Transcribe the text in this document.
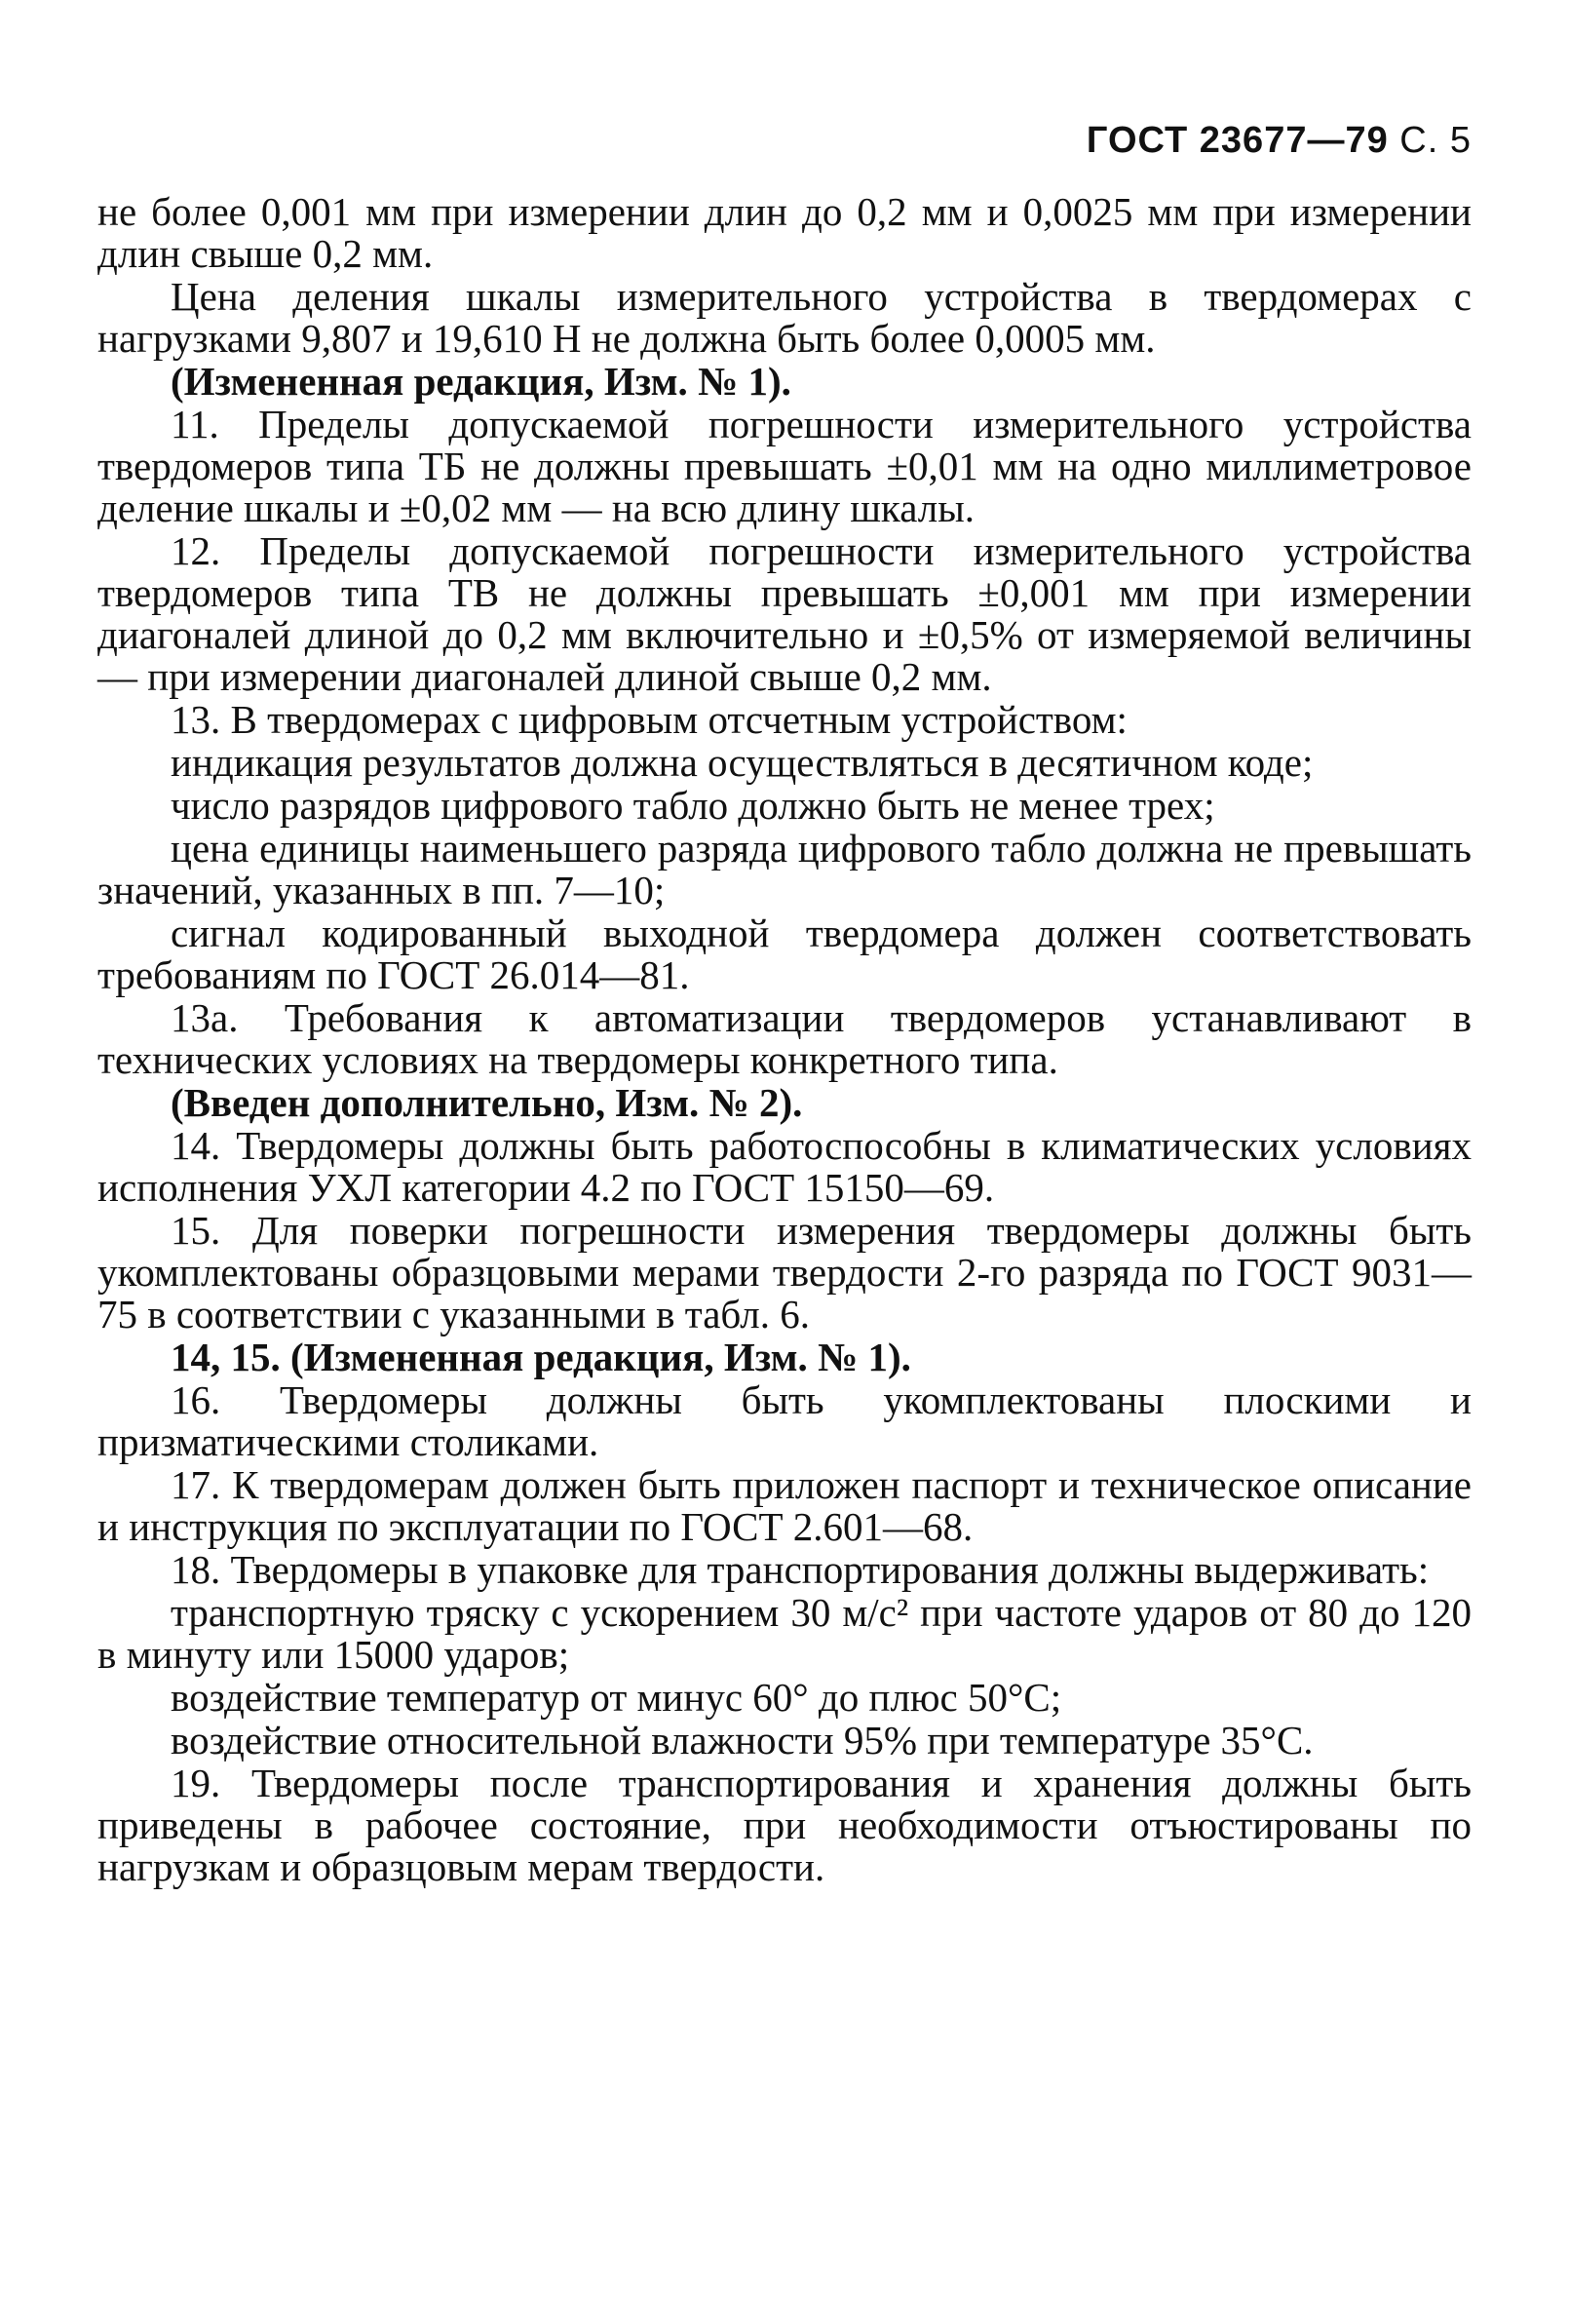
ГОСТ 23677—79 С. 5

не более 0,001 мм при измерении длин до 0,2 мм и 0,0025 мм при измерении длин свыше 0,2 мм.

Цена деления шкалы измерительного устройства в твердомерах с нагрузками 9,807 и 19,610 Н не должна быть более 0,0005 мм.

(Измененная редакция, Изм. № 1).

11. Пределы допускаемой погрешности измерительного устройства твердомеров типа ТБ не должны превышать ±0,01 мм на одно миллиметровое деление шкалы и ±0,02 мм — на всю длину шкалы.

12. Пределы допускаемой погрешности измерительного устройства твердомеров типа ТВ не должны превышать ±0,001 мм при измерении диагоналей длиной до 0,2 мм включительно и ±0,5% от измеряемой величины — при измерении диагоналей длиной свыше 0,2 мм.

13. В твердомерах с цифровым отсчетным устройством:

индикация результатов должна осуществляться в десятичном коде;

число разрядов цифрового табло должно быть не менее трех;

цена единицы наименьшего разряда цифрового табло должна не превышать значений, указанных в пп. 7—10;

сигнал кодированный выходной твердомера должен соответствовать требованиям по ГОСТ 26.014—81.

13а. Требования к автоматизации твердомеров устанавливают в технических условиях на твердомеры конкретного типа.

(Введен дополнительно, Изм. № 2).

14. Твердомеры должны быть работоспособны в климатических условиях исполнения УХЛ категории 4.2 по ГОСТ 15150—69.

15. Для поверки погрешности измерения твердомеры должны быть укомплектованы образцовыми мерами твердости 2-го разряда по ГОСТ 9031—75 в соответствии с указанными в табл. 6.

14, 15. (Измененная редакция, Изм. № 1).

16. Твердомеры должны быть укомплектованы плоскими и призматическими столиками.

17. К твердомерам должен быть приложен паспорт и техническое описание и инструкция по эксплуатации по ГОСТ 2.601—68.

18. Твердомеры в упаковке для транспортирования должны выдерживать:

транспортную тряску с ускорением 30 м/с² при частоте ударов от 80 до 120 в минуту или 15000 ударов;

воздействие температур от минус 60° до плюс 50°С;

воздействие относительной влажности 95% при температуре 35°С.

19. Твердомеры после транспортирования и хранения должны быть приведены в рабочее состояние, при необходимости отъюстированы по нагрузкам и образцовым мерам твердости.
